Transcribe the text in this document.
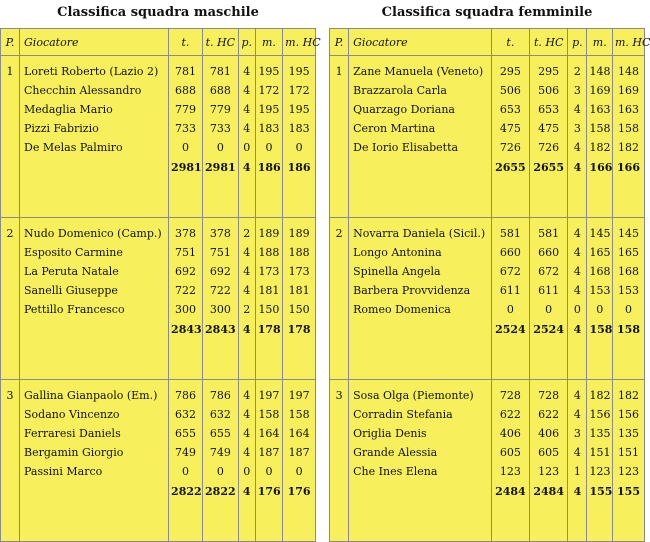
Classifica squadra maschile
P.	Giocatore	t.	t. HC	p.	m.	m. HC
1	Loreti Roberto (Lazio 2)	781	781	4	195	195
	Checchin Alessandro	688	688	4	172	172
	Medaglia Mario	779	779	4	195	195
	Pizzi Fabrizio	733	733	4	183	183
	De Melas Palmiro	0	0	0	0	0
		2981	2981	4	186	186

2	Nudo Domenico (Camp.)	378	378	2	189	189
	Esposito Carmine	751	751	4	188	188
	La Peruta Natale	692	692	4	173	173
	Sanelli Giuseppe	722	722	4	181	181
	Pettillo Francesco	300	300	2	150	150
		2843	2843	4	178	178

3	Gallina Gianpaolo (Em.)	786	786	4	197	197
	Sodano Vincenzo	632	632	4	158	158
	Ferraresi Daniels	655	655	4	164	164
	Bergamin Giorgio	749	749	4	187	187
	Passini Marco	0	0	0	0	0
		2822	2822	4	176	176

Classifica squadra femminile
P.	Giocatore	t.	t. HC	p.	m.	m. HC
1	Zane Manuela (Veneto)	295	295	2	148	148
	Brazzarola Carla	506	506	3	169	169
	Quarzago Doriana	653	653	4	163	163
	Ceron Martina	475	475	3	158	158
	De Iorio Elisabetta	726	726	4	182	182
		2655	2655	4	166	166

2	Novarra Daniela (Sicil.)	581	581	4	145	145
	Longo Antonina	660	660	4	165	165
	Spinella Angela	672	672	4	168	168
	Barbera Provvidenza	611	611	4	153	153
	Romeo Domenica	0	0	0	0	0
		2524	2524	4	158	158

3	Sosa Olga (Piemonte)	728	728	4	182	182
	Corradin Stefania	622	622	4	156	156
	Origlia Denis	406	406	3	135	135
	Grande Alessia	605	605	4	151	151
	Che Ines Elena	123	123	1	123	123
		2484	2484	4	155	155
